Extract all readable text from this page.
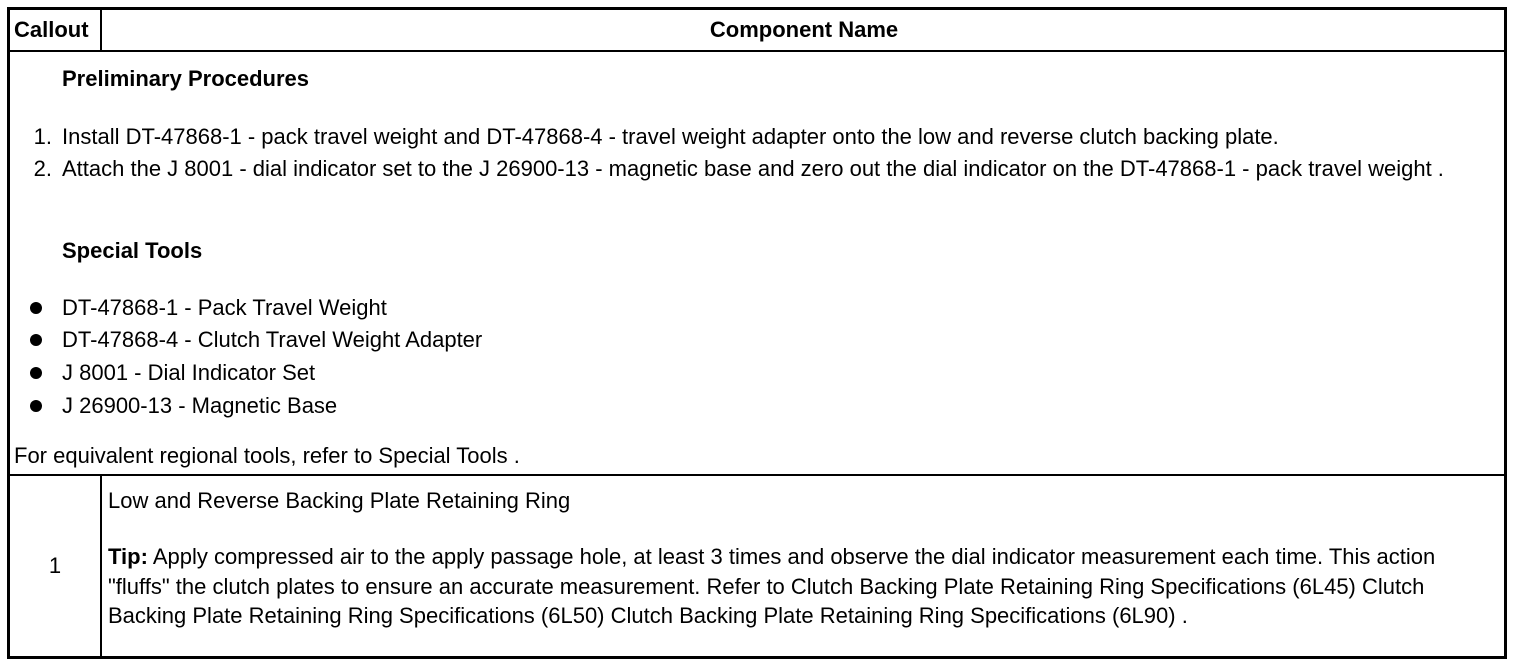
Callout	Component Name
Preliminary Procedures
1. Install DT-47868-1 - pack travel weight and DT-47868-4 - travel weight adapter onto the low and reverse clutch backing plate.
2. Attach the J 8001 - dial indicator set to the J 26900-13 - magnetic base and zero out the dial indicator on the DT-47868-1 - pack travel weight .
Special Tools
DT-47868-1 - Pack Travel Weight
DT-47868-4 - Clutch Travel Weight Adapter
J 8001 - Dial Indicator Set
J 26900-13 - Magnetic Base
For equivalent regional tools, refer to Special Tools .
1
Low and Reverse Backing Plate Retaining Ring
Tip: Apply compressed air to the apply passage hole, at least 3 times and observe the dial indicator measurement each time. This action "fluffs" the clutch plates to ensure an accurate measurement. Refer to Clutch Backing Plate Retaining Ring Specifications (6L45) Clutch Backing Plate Retaining Ring Specifications (6L50) Clutch Backing Plate Retaining Ring Specifications (6L90) .
